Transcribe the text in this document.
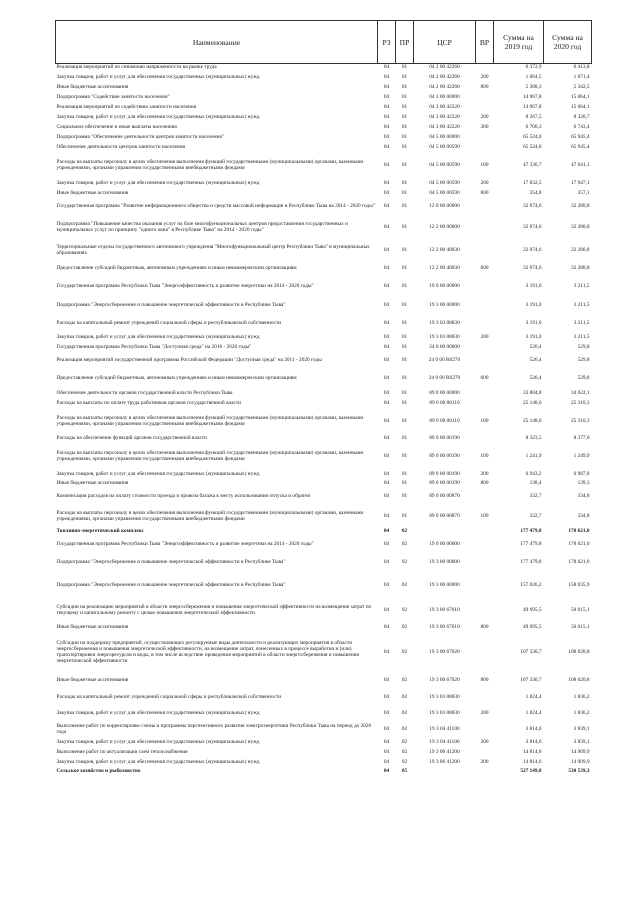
Наименование	РЗ	ПР	ЦСР	ВР	Сумма на 2019 год	Сумма на 2020 год
Реализация мероприятий по снижению напряженности на рынке труда	04	01	04 2 00 42260		6 372,9	6 413,8
Закупка товаров, работ и услуг для обеспечения государственных (муниципальных) нужд	04	01	04 2 00 42260	200	1 064,5	1 071,4
Иные бюджетные ассигнования	04	01	04 2 00 42260	800	5 308,3	5 342,5
Подпрограмма "Содействие занятости населения"	04	01	04 3 00 00000		14 967,8	15 064,1
Реализация мероприятий по содействию занятости населения	04	01	04 3 00 42220		14 967,8	15 064,1
Закупка товаров, работ и услуг для обеспечения государственных (муниципальных) нужд	04	01	04 3 00 42220	200	8 267,5	8 320,7
Социальное обеспечение и иные выплаты населению	04	01	04 3 00 42220	300	6 700,3	6 743,4
Подпрограмма "Обеспечение деятельности центров занятости населения"	04	01	04 5 00 00000		65 524,0	65 945,4
Обеспечение деятельности центров занятости населения	04	01	04 5 00 00590		65 524,0	65 945,4
Расходы на выплаты персоналу в целях обеспечения выполнения функций государственными (муниципальными) органами, казенными учреждениями, органами управления государственными внебюджетными фондами	04	01	04 5 00 00590	100	47 336,7	47 641,1
Закупка товаров, работ и услуг для обеспечения государственных (муниципальных) нужд	04	01	04 5 00 00590	200	17 832,5	17 947,1
Иные бюджетные ассигнования	04	01	04 5 00 00590	800	354,8	357,1
Государственная программа "Развитие информационного общества и средств массовой информации в Республике Тыва на 2014 - 2020 годы"	04	01	12 0 00 00000		32 074,6	32 280,8
Подпрограмма "Повышение качества оказания услуг на базе многофункциональных центров предоставления государственных и муниципальных услуг по принципу "одного окна" в Республике Тыва" на 2014 - 2020 годы"	04	01	12 2 00 00000		32 074,6	32 280,8
Территориальные отделы государственного автономного учреждения "Многофункциональный центр Республики Тыва" в муниципальных образованиях	04	01	12 2 00 40030		32 074,6	32 280,8
Предоставление субсидий бюджетным, автономным учреждениям и иным некоммерческим организациям	04	01	12 2 00 40030	600	32 074,6	32 280,8
Государственная программа Республики Тыва "Энергоэффективность и развитие энергетики на 2014 - 2020 годы"	04	01	19 0 00 00000		3 191,0	3 211,5
Подпрограмма "Энергосбережение и повышение энергетической эффективности в Республике Тыва"	04	01	19 3 00 00000		3 191,0	3 211,5
Расходы на капитальный ремонт учреждений социальной сферы и республиканской собственности	04	01	19 3 03 08830		3 191,0	3 211,5
Закупка товаров, работ и услуг для обеспечения государственных (муниципальных) нужд	04	01	19 3 03 08830	200	3 191,0	3 211,5
Государственная программа Республики Тыва "Доступная среда" на 2016 - 2020 годы"	04	01	24 0 00 00000		526,4	529,8
Реализация мероприятий государственной программы Российской Федерации "Доступная среда" на 2011 - 2020 годы	04	01	24 0 00 R0270		526,4	529,8
Предоставление субсидий бюджетным, автономным учреждениям и иным некоммерческим организациям	04	01	24 0 00 R0270	600	526,4	529,8
Обеспечение деятельности органов государственной власти Республики Тыва	04	01	89 0 00 00000		33 804,8	34 022,1
Расходы на выплаты по оплате труда работников органов государственной власти	04	01	89 0 00 00110		25 148,6	25 310,3
Расходы на выплаты персоналу в целях обеспечения выполнения функций государственными (муниципальными) органами, казенными учреждениями, органами управления государственными внебюджетными фондами	04	01	89 0 00 00110	100	25 148,6	25 310,3
Расходы на обеспечение функций органов государственной власти	04	01	89 0 00 00190		8 323,5	8 377,0
Расходы на выплаты персоналу в целях обеспечения выполнения функций государственными (муниципальными) органами, казенными учреждениями, органами управления государственными внебюджетными фондами	04	01	89 0 00 00190	100	1 241,9	1 249,9
Закупка товаров, работ и услуг для обеспечения государственных (муниципальных) нужд	04	01	89 0 00 00190	200	6 943,2	6 987,8
Иные бюджетные ассигнования	04	01	89 0 00 00190	800	138,4	139,3
Компенсация расходов на оплату стоимости проезда и провоза багажа к месту использования отпуска и обратно	04	01	89 0 00 00870		332,7	334,8
Расходы на выплаты персоналу в целях обеспечения выполнения функций государственными (муниципальными) органами, казенными учреждениями, органами управления государственными внебюджетными фондами	04	01	89 0 00 00870	100	332,7	334,8
Топливно-энергетический комплекс	04	02			177 479,8	178 621,0
Государственная программа Республики Тыва "Энергоэффективность и развитие энергетики на 2014 - 2020 годы"	04	02	19 0 00 00000		177 479,8	178 621,0
Подпрограмма "Энергосбережение и повышение энергетической эффективности в Республике Тыва"	04	02	19 3 00 00000		177 479,8	178 621,0
Подпрограмма "Энергосбережение и повышение энергетической эффективности в Республике Тыва"	04	02	19 3 00 00000		157 026,2	158 035,9
Субсидии на реализацию мероприятий в области энергосбережения и повышения энергетической эффективности на возмещение затрат по текущему и капитальному ремонту с целью повышения энергетической эффективности	04	02	19 3 00 67010		49 695,5	50 015,1
Иные бюджетные ассигнования	04	02	19 3 00 67010	800	49 695,5	50 015,1
Субсидии на поддержку предприятий, осуществляющих регулируемые виды деятельности и реализующих мероприятия в области энергосбережения и повышения энергетической эффективности, на возмещение затрат, понесенных в процессе выработки и (или) транспортировки энергоресурсов и воды, в том числе вследствие проведения мероприятий в области энергосбережения и повышения энергетической эффективности	04	02	19 3 00 67020		107 330,7	108 020,8
Иные бюджетные ассигнования	04	02	19 3 00 67020	800	107 330,7	108 020,8
Расходы на капитальный ремонт учреждений социальной сферы и республиканской собственности	04	02	19 3 03 08830		1 824,4	1 836,2
Закупка товаров, работ и услуг для обеспечения государственных (муниципальных) нужд	04	02	19 3 03 08830	200	1 824,4	1 836,2
Выполнение работ по корректировке схемы и программы перспективного развития электроэнергетики Республики Тыва на период до 2020 года	04	02	19 3 04 41100		3 814,6	3 839,1
Закупка товаров, работ и услуг для обеспечения государственных (муниципальных) нужд	04	02	19 3 04 41100	200	3 814,6	3 839,1
Выполнение работ по актуализации схем теплоснабжения	04	02	19 3 06 41200		14 814,6	14 909,9
Закупка товаров, работ и услуг для обеспечения государственных (муниципальных) нужд	04	02	19 3 06 41200	200	14 814,6	14 909,9
Сельское хозяйство и рыболовство	04	05			527 149,8	530 539,3
